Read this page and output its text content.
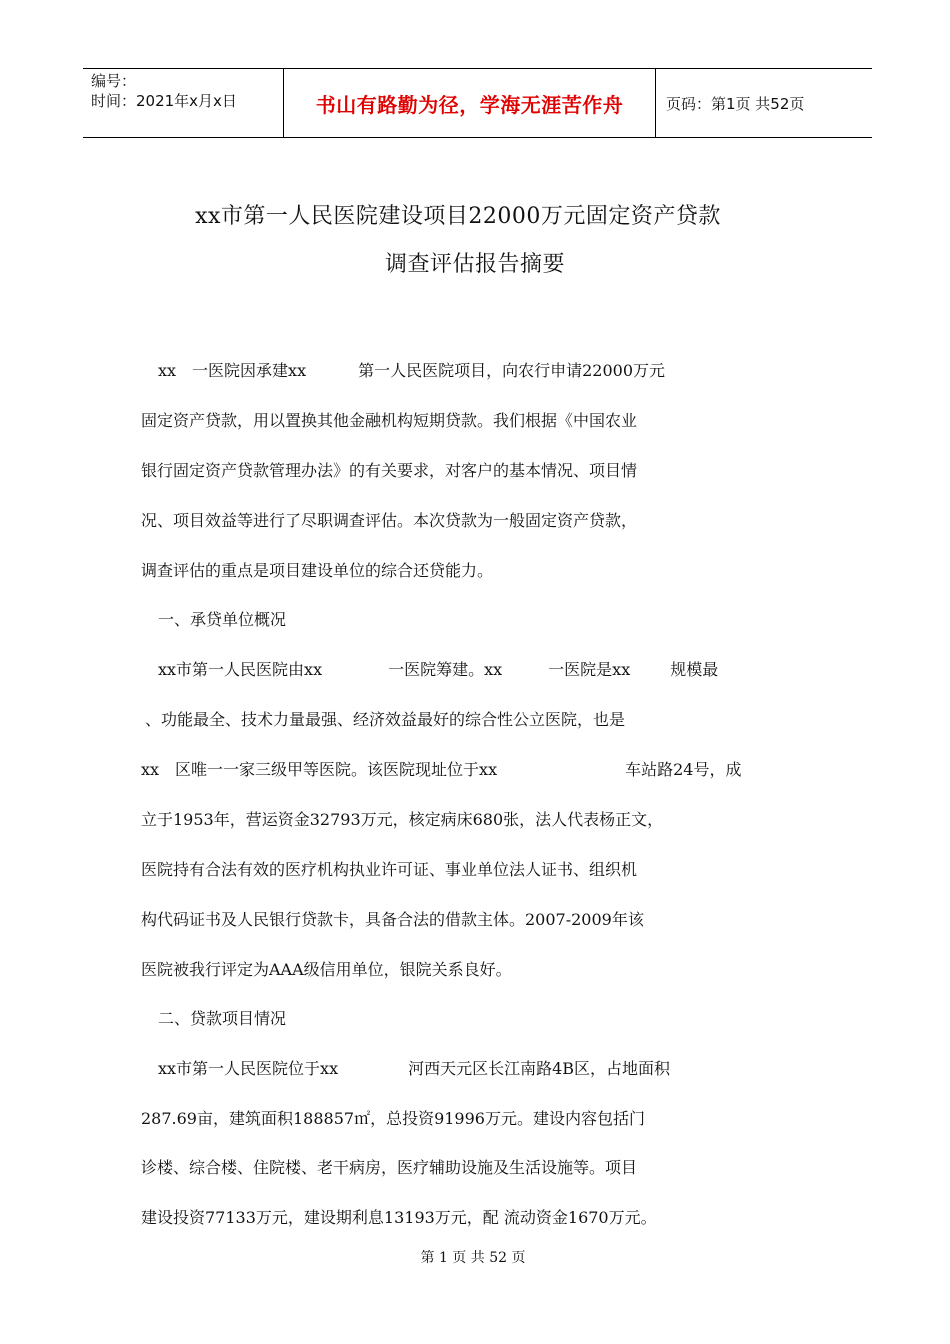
编号：
时间：2021年x月x日	书山有路勤为径，学海无涯苦作舟	页码：第1页 共52页
xx市第一人民医院建设项目22000万元固定资产贷款
调查评估报告摘要
xx 一医院因承建xx	第一人民医院项目，向农行申请22000万元
固定资产贷款，用以置换其他金融机构短期贷款。我们根据《中国农业
银行固定资产贷款管理办法》的有关要求，对客户的基本情况、项目情
况、项目效益等进行了尽职调查评估。本次贷款为一般固定资产贷款，
调查评估的重点是项目建设单位的综合还贷能力。
一、承贷单位概况
xx市第一人民医院由xx	一医院筹建。xx	一医院是xx	规模最
、功能最全、技术力量最强、经济效益最好的综合性公立医院，也是
xx 区唯一一家三级甲等医院。该医院现址位于xx	车站路24号，成
立于1953年，营运资金32793万元，核定病床680张，法人代表杨正文，
医院持有合法有效的医疗机构执业许可证、事业单位法人证书、组织机
构代码证书及人民银行贷款卡，具备合法的借款主体。2007-2009年该
医院被我行评定为AAA级信用单位，银院关系良好。
二、贷款项目情况
xx市第一人民医院位于xx	河西天元区长江南路4B区，占地面积
287.69亩，建筑面积188857㎡，总投资91996万元。建设内容包括门
诊楼、综合楼、住院楼、老干病房，医疗辅助设施及生活设施等。项目
建设投资77133万元，建设期利息13193万元，配 流动资金1670万元。
第 1 页 共 52 页
